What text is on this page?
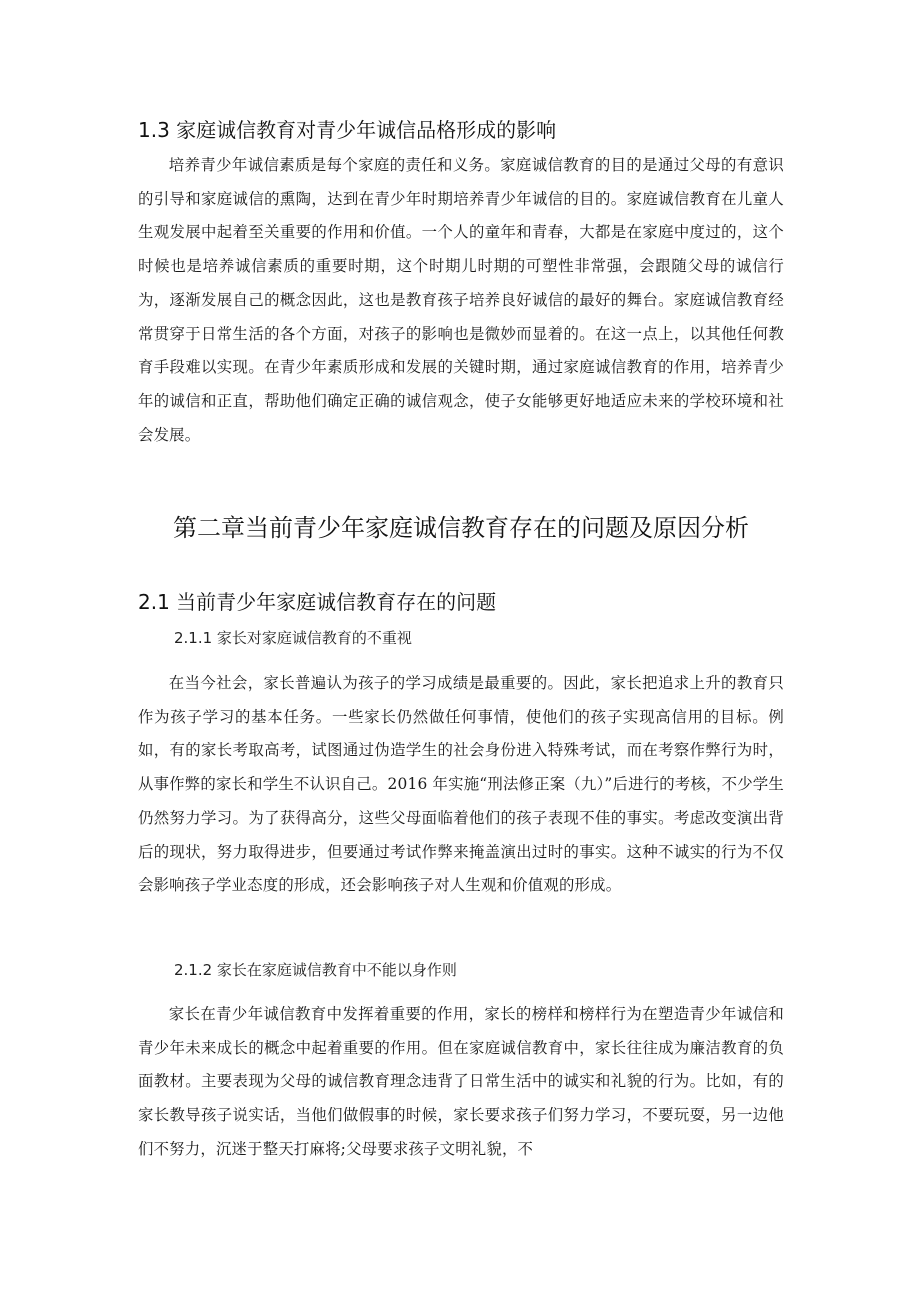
1.3 家庭诚信教育对青少年诚信品格形成的影响

培养青少年诚信素质是每个家庭的责任和义务。家庭诚信教育的目的是通过父母的有意识的引导和家庭诚信的熏陶，达到在青少年时期培养青少年诚信的目的。家庭诚信教育在儿童人生观发展中起着至关重要的作用和价值。一个人的童年和青春，大都是在家庭中度过的，这个时候也是培养诚信素质的重要时期，这个时期儿时期的可塑性非常强，会跟随父母的诚信行为，逐渐发展自己的概念因此，这也是教育孩子培养良好诚信的最好的舞台。家庭诚信教育经常贯穿于日常生活的各个方面，对孩子的影响也是微妙而显着的。在这一点上，以其他任何教育手段难以实现。在青少年素质形成和发展的关键时期，通过家庭诚信教育的作用，培养青少年的诚信和正直，帮助他们确定正确的诚信观念，使子女能够更好地适应未来的学校环境和社会发展。

第二章当前青少年家庭诚信教育存在的问题及原因分析
2.1 当前青少年家庭诚信教育存在的问题
2.1.1 家长对家庭诚信教育的不重视

在当今社会，家长普遍认为孩子的学习成绩是最重要的。因此，家长把追求上升的教育只作为孩子学习的基本任务。一些家长仍然做任何事情，使他们的孩子实现高信用的目标。例如，有的家长考取高考，试图通过伪造学生的社会身份进入特殊考试，而在考察作弊行为时，从事作弊的家长和学生不认识自己。2016 年实施“刑法修正案（九）”后进行的考核，不少学生仍然努力学习。为了获得高分，这些父母面临着他们的孩子表现不佳的事实。考虑改变演出背后的现状，努力取得进步，但要通过考试作弊来掩盖演出过时的事实。这种不诚实的行为不仅会影响孩子学业态度的形成，还会影响孩子对人生观和价值观的形成。

2.1.2 家长在家庭诚信教育中不能以身作则

家长在青少年诚信教育中发挥着重要的作用，家长的榜样和榜样行为在塑造青少年诚信和青少年未来成长的概念中起着重要的作用。但在家庭诚信教育中，家长往往成为廉洁教育的负面教材。主要表现为父母的诚信教育理念违背了日常生活中的诚实和礼貌的行为。比如，有的家长教导孩子说实话，当他们做假事的时候，家长要求孩子们努力学习，不要玩耍，另一边他们不努力，沉迷于整天打麻将;父母要求孩子文明礼貌，不
